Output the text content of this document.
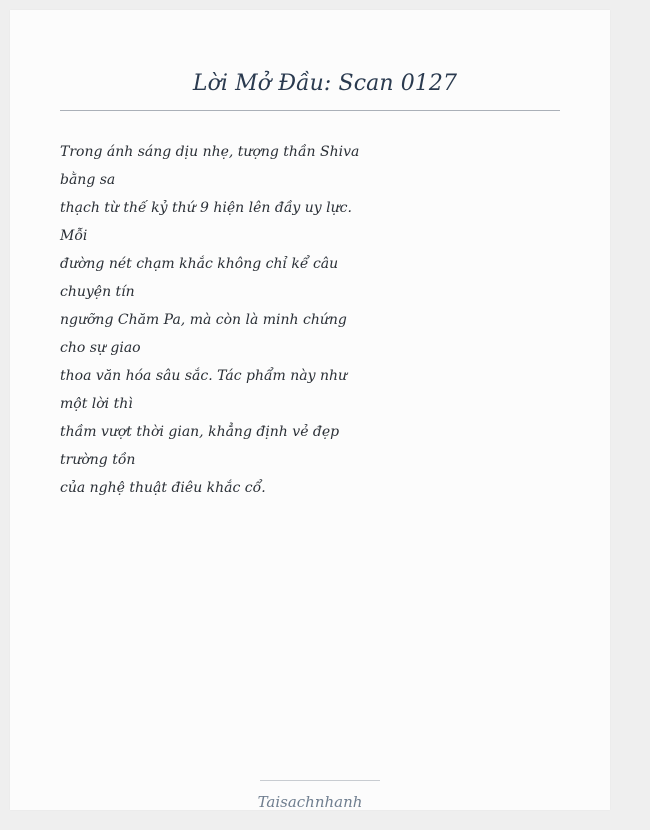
Taisachnhanh
Lời Mở Đầu: Scan 0127
Trong ánh sáng dịu nhẹ, tượng thần Shiva bằng sa
thạch từ thế kỷ thứ 9 hiện lên đầy uy lực. Mỗi
đường nét chạm khắc không chỉ kể câu chuyện tín
ngưỡng Chăm Pa, mà còn là minh chứng cho sự giao
thoa văn hóa sâu sắc. Tác phẩm này như một lời thì
thầm vượt thời gian, khẳng định vẻ đẹp trường tồn
của nghệ thuật điêu khắc cổ.
